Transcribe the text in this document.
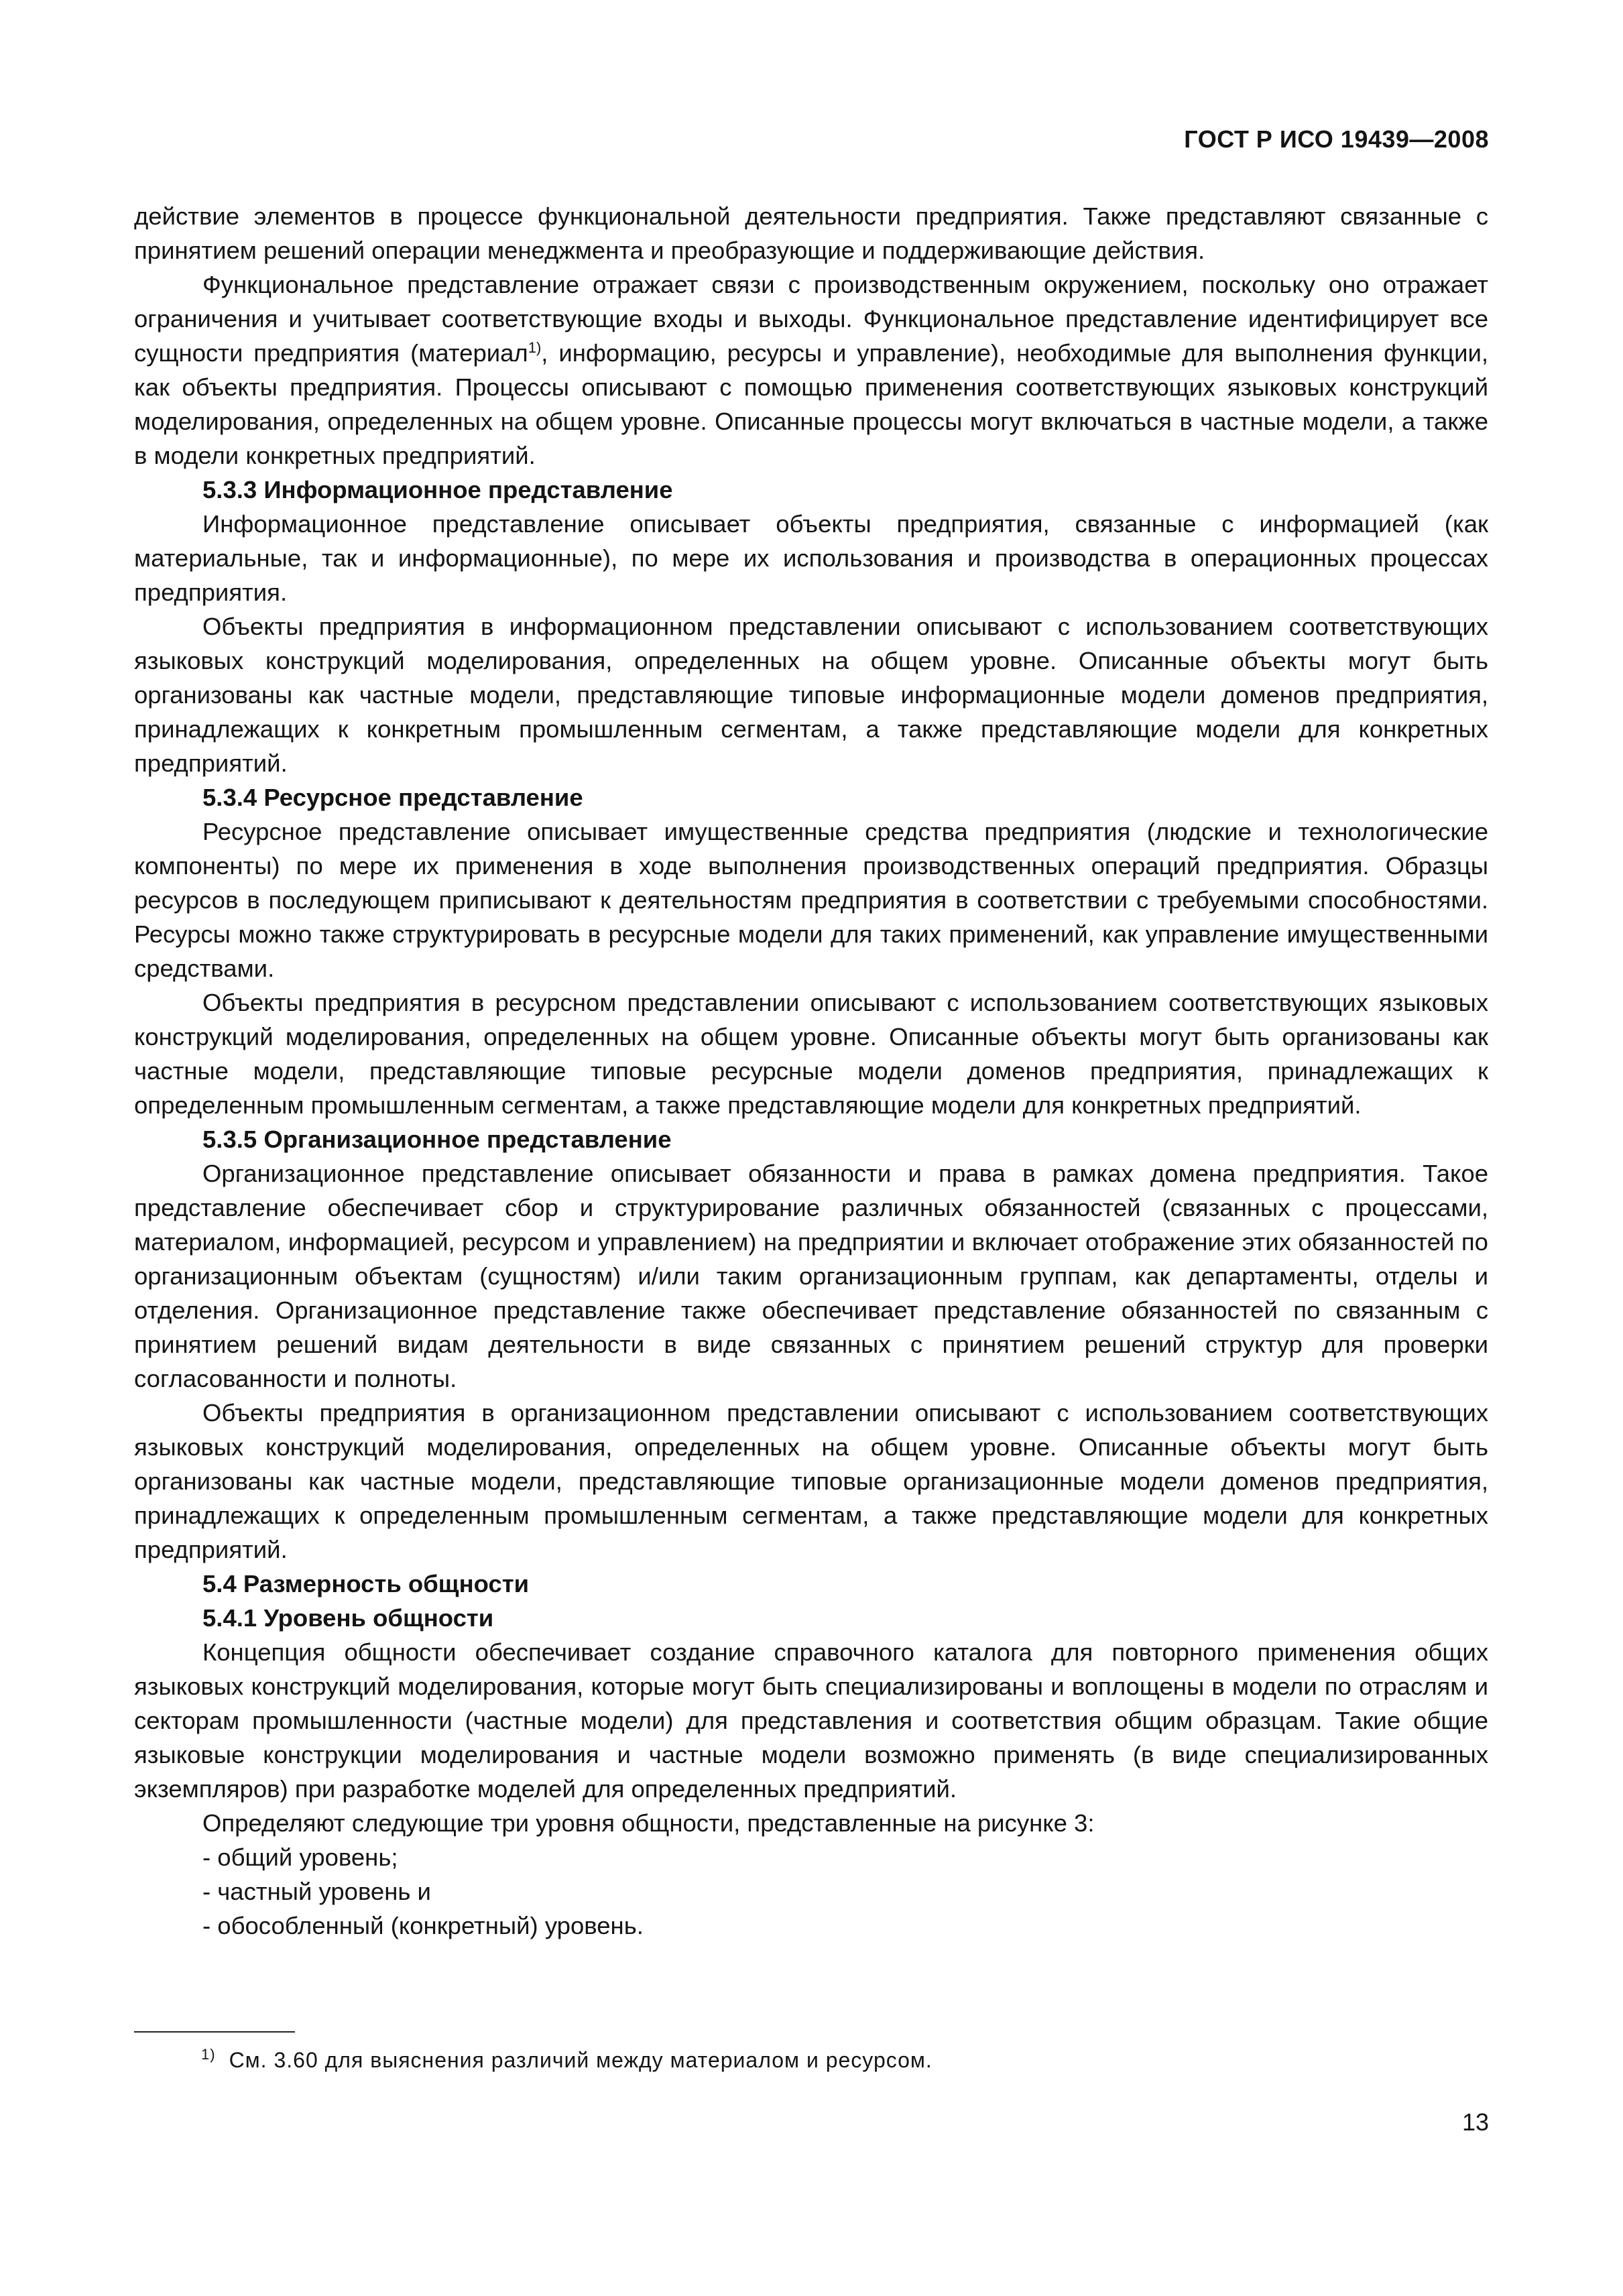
ГОСТ Р ИСО 19439—2008

действие элементов в процессе функциональной деятельности предприятия. Также представляют связанные с принятием решений операции менеджмента и преобразующие и поддерживающие действия.

Функциональное представление отражает связи с производственным окружением, поскольку оно отражает ограничения и учитывает соответствующие входы и выходы. Функциональное представление идентифицирует все сущности предприятия (материал$^{1)}$, информацию, ресурсы и управление), необходимые для выполнения функции, как объекты предприятия. Процессы описывают с помощью применения соответствующих языковых конструкций моделирования, определенных на общем уровне. Описанные процессы могут включаться в частные модели, а также в модели конкретных предприятий.

5.3.3 Информационное представление

Информационное представление описывает объекты предприятия, связанные с информацией (как материальные, так и информационные), по мере их использования и производства в операционных процессах предприятия.

Объекты предприятия в информационном представлении описывают с использованием соответствующих языковых конструкций моделирования, определенных на общем уровне. Описанные объекты могут быть организованы как частные модели, представляющие типовые информационные модели доменов предприятия, принадлежащих к конкретным промышленным сегментам, а также представляющие модели для конкретных предприятий.

5.3.4 Ресурсное представление

Ресурсное представление описывает имущественные средства предприятия (людские и технологические компоненты) по мере их применения в ходе выполнения производственных операций предприятия. Образцы ресурсов в последующем приписывают к деятельностям предприятия в соответствии с требуемыми способностями. Ресурсы можно также структурировать в ресурсные модели для таких применений, как управление имущественными средствами.

Объекты предприятия в ресурсном представлении описывают с использованием соответствующих языковых конструкций моделирования, определенных на общем уровне. Описанные объекты могут быть организованы как частные модели, представляющие типовые ресурсные модели доменов предприятия, принадлежащих к определенным промышленным сегментам, а также представляющие модели для конкретных предприятий.

5.3.5 Организационное представление

Организационное представление описывает обязанности и права в рамках домена предприятия. Такое представление обеспечивает сбор и структурирование различных обязанностей (связанных с процессами, материалом, информацией, ресурсом и управлением) на предприятии и включает отображение этих обязанностей по организационным объектам (сущностям) и/или таким организационным группам, как департаменты, отделы и отделения. Организационное представление также обеспечивает представление обязанностей по связанным с принятием решений видам деятельности в виде связанных с принятием решений структур для проверки согласованности и полноты.

Объекты предприятия в организационном представлении описывают с использованием соответствующих языковых конструкций моделирования, определенных на общем уровне. Описанные объекты могут быть организованы как частные модели, представляющие типовые организационные модели доменов предприятия, принадлежащих к определенным промышленным сегментам, а также представляющие модели для конкретных предприятий.

5.4 Размерность общности

5.4.1 Уровень общности

Концепция общности обеспечивает создание справочного каталога для повторного применения общих языковых конструкций моделирования, которые могут быть специализированы и воплощены в модели по отраслям и секторам промышленности (частные модели) для представления и соответствия общим образцам. Такие общие языковые конструкции моделирования и частные модели возможно применять (в виде специализированных экземпляров) при разработке моделей для определенных предприятий.

Определяют следующие три уровня общности, представленные на рисунке 3:

- общий уровень;

- частный уровень и

- обособленный (конкретный) уровень.

$^{1)}$ См. 3.60 для выяснения различий между материалом и ресурсом.
13
